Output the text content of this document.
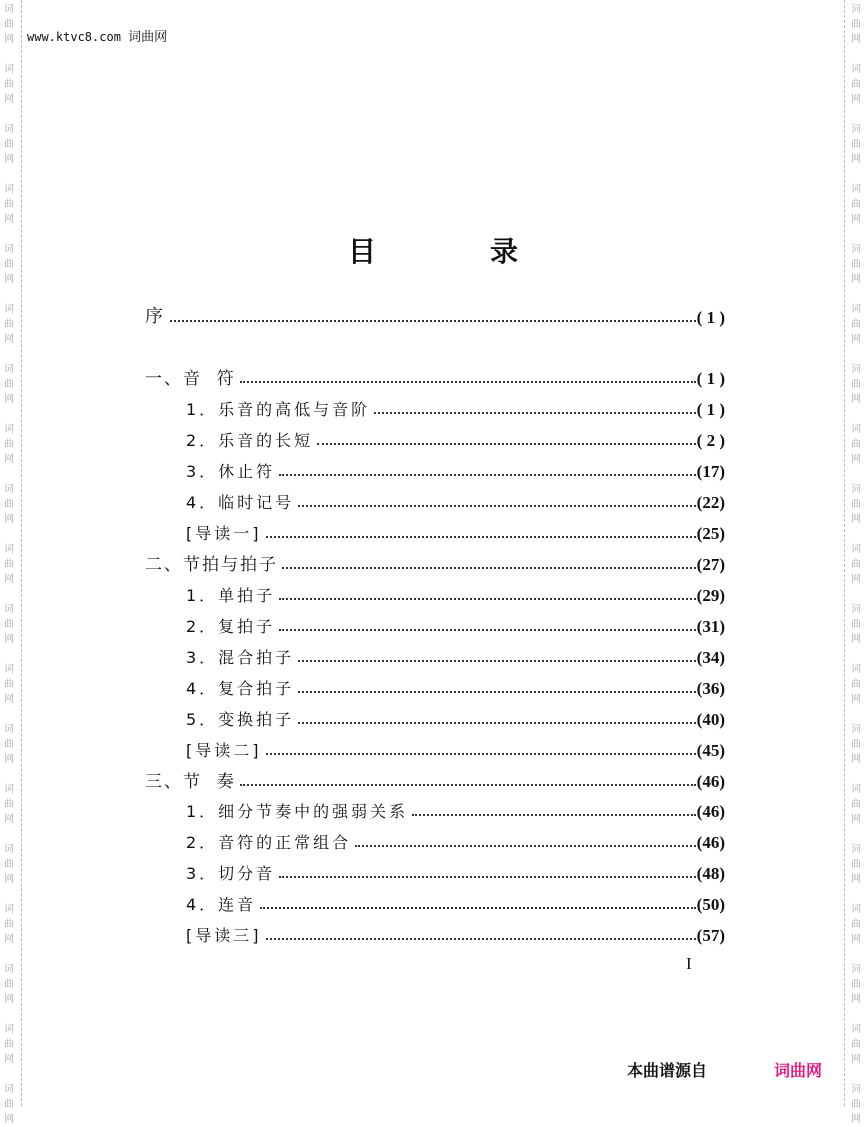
词
曲
网
词
曲
网
词
曲
网
词
曲
网
词
曲
网
词
曲
网
词
曲
网
词
曲
网
词
曲
网
词
曲
网
词
曲
网
词
曲
网
词
曲
网
词
曲
网
词
曲
网
词
曲
网
词
曲
网
词
曲
网
词
曲
网
词
曲
网
词
曲
网
词
曲
网
词
曲
网
词
曲
网
词
曲
网
词
曲
网
词
曲
网
词
曲
网
词
曲
网
词
曲
网
词
曲
网
词
曲
网
词
曲
网
词
曲
网
词
曲
网
词
曲
网
词
曲
网
词
曲
网
www.ktvc8.com 词曲网
目	录
序	( 1 )
一、音  符	( 1 )
1．乐音的高低与音阶	( 1 )
2．乐音的长短	( 2 )
3．休止符	(17)
4．临时记号	(22)
[导读一]	(25)
二、节拍与拍子	(27)
1．单拍子	(29)
2．复拍子	(31)
3．混合拍子	(34)
4．复合拍子	(36)
5．变换拍子	(40)
[导读二]	(45)
三、节  奏	(46)
1．细分节奏中的强弱关系	(46)
2．音符的正常组合	(46)
3．切分音	(48)
4．连音	(50)
[导读三]	(57)
I
本曲谱源自	词曲网
